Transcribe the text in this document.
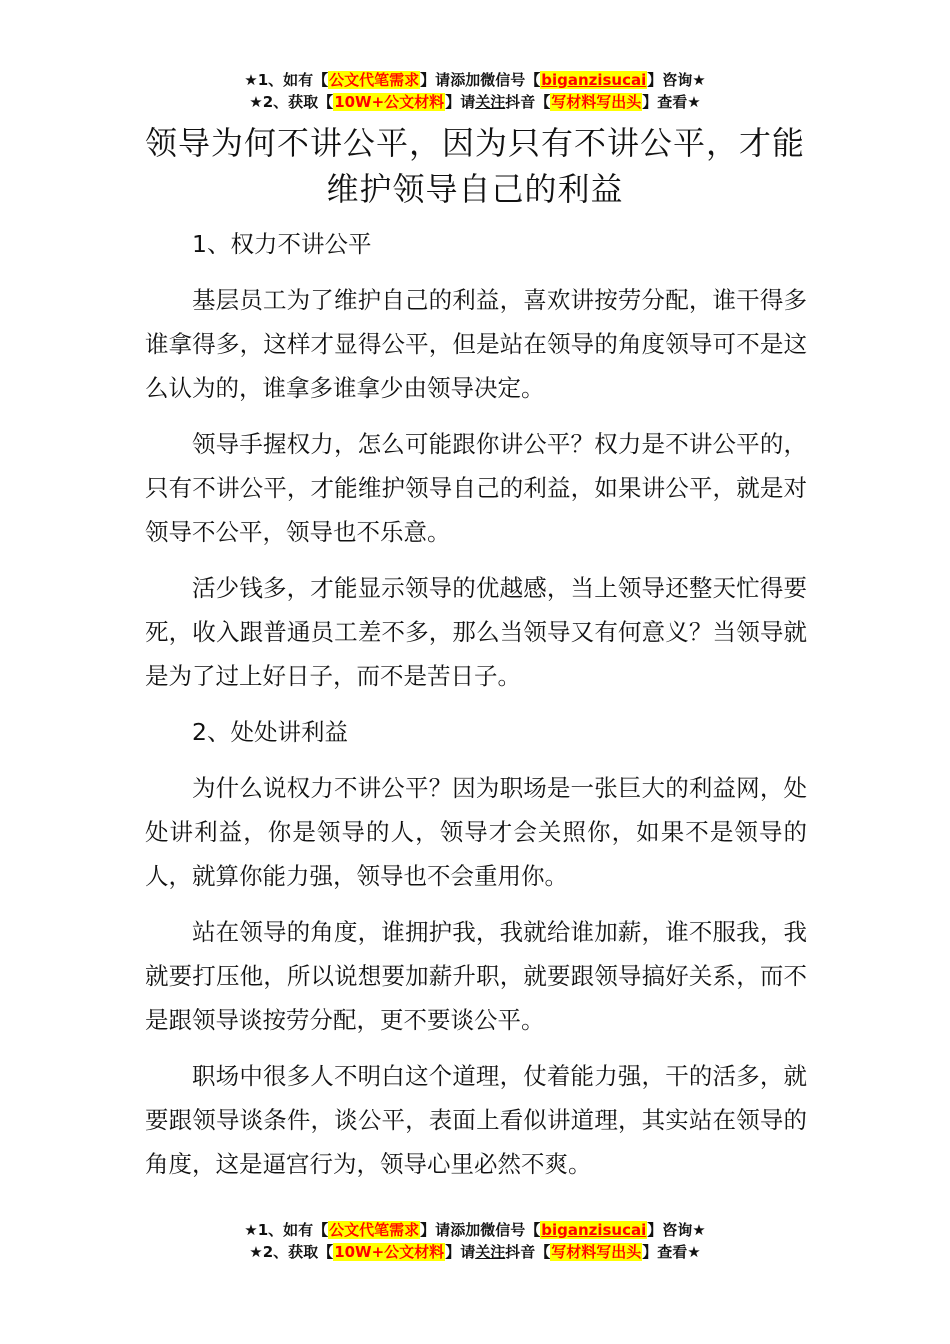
★1、如有【公文代笔需求】请添加微信号【biganzisucai】咨询★
★2、获取【10W+公文材料】请关注抖音【写材料写出头】查看★
领导为何不讲公平，因为只有不讲公平，才能维护领导自己的利益
1、权力不讲公平

基层员工为了维护自己的利益，喜欢讲按劳分配，谁干得多谁拿得多，这样才显得公平，但是站在领导的角度领导可不是这么认为的，谁拿多谁拿少由领导决定。

领导手握权力，怎么可能跟你讲公平？权力是不讲公平的，只有不讲公平，才能维护领导自己的利益，如果讲公平，就是对领导不公平，领导也不乐意。

活少钱多，才能显示领导的优越感，当上领导还整天忙得要死，收入跟普通员工差不多，那么当领导又有何意义？当领导就是为了过上好日子，而不是苦日子。

2、处处讲利益

为什么说权力不讲公平？因为职场是一张巨大的利益网，处处讲利益，你是领导的人，领导才会关照你，如果不是领导的人，就算你能力强，领导也不会重用你。

站在领导的角度，谁拥护我，我就给谁加薪，谁不服我，我就要打压他，所以说想要加薪升职，就要跟领导搞好关系，而不是跟领导谈按劳分配，更不要谈公平。

职场中很多人不明白这个道理，仗着能力强，干的活多，就要跟领导谈条件，谈公平，表面上看似讲道理，其实站在领导的角度，这是逼宫行为，领导心里必然不爽。

★1、如有【公文代笔需求】请添加微信号【biganzisucai】咨询★
★2、获取【10W+公文材料】请关注抖音【写材料写出头】查看★
